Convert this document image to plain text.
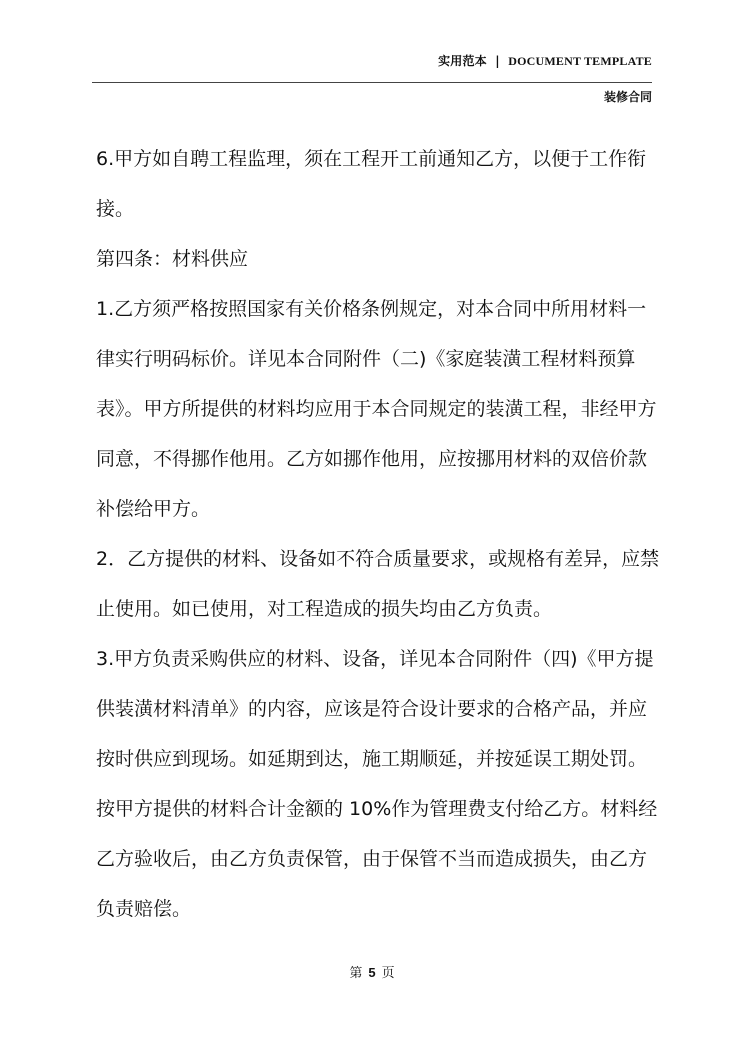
实用范本 | DOCUMENT TEMPLATE
装修合同
6.甲方如自聘工程监理，须在工程开工前通知乙方，以便于工作衔
接。
第四条：材料供应
1.乙方须严格按照国家有关价格条例规定，对本合同中所用材料一
律实行明码标价。详见本合同附件（二)《家庭装潢工程材料预算
表》。甲方所提供的材料均应用于本合同规定的装潢工程，非经甲方
同意，不得挪作他用。乙方如挪作他用，应按挪用材料的双倍价款
补偿给甲方。
2．乙方提供的材料、设备如不符合质量要求，或规格有差异，应禁
止使用。如已使用，对工程造成的损失均由乙方负责。
3.甲方负责采购供应的材料、设备，详见本合同附件（四)《甲方提
供装潢材料清单》的内容，应该是符合设计要求的合格产品，并应
按时供应到现场。如延期到达，施工期顺延，并按延误工期处罚。
按甲方提供的材料合计金额的 10%作为管理费支付给乙方。材料经
乙方验收后，由乙方负责保管，由于保管不当而造成损失，由乙方
负责赔偿。
第 5 页
